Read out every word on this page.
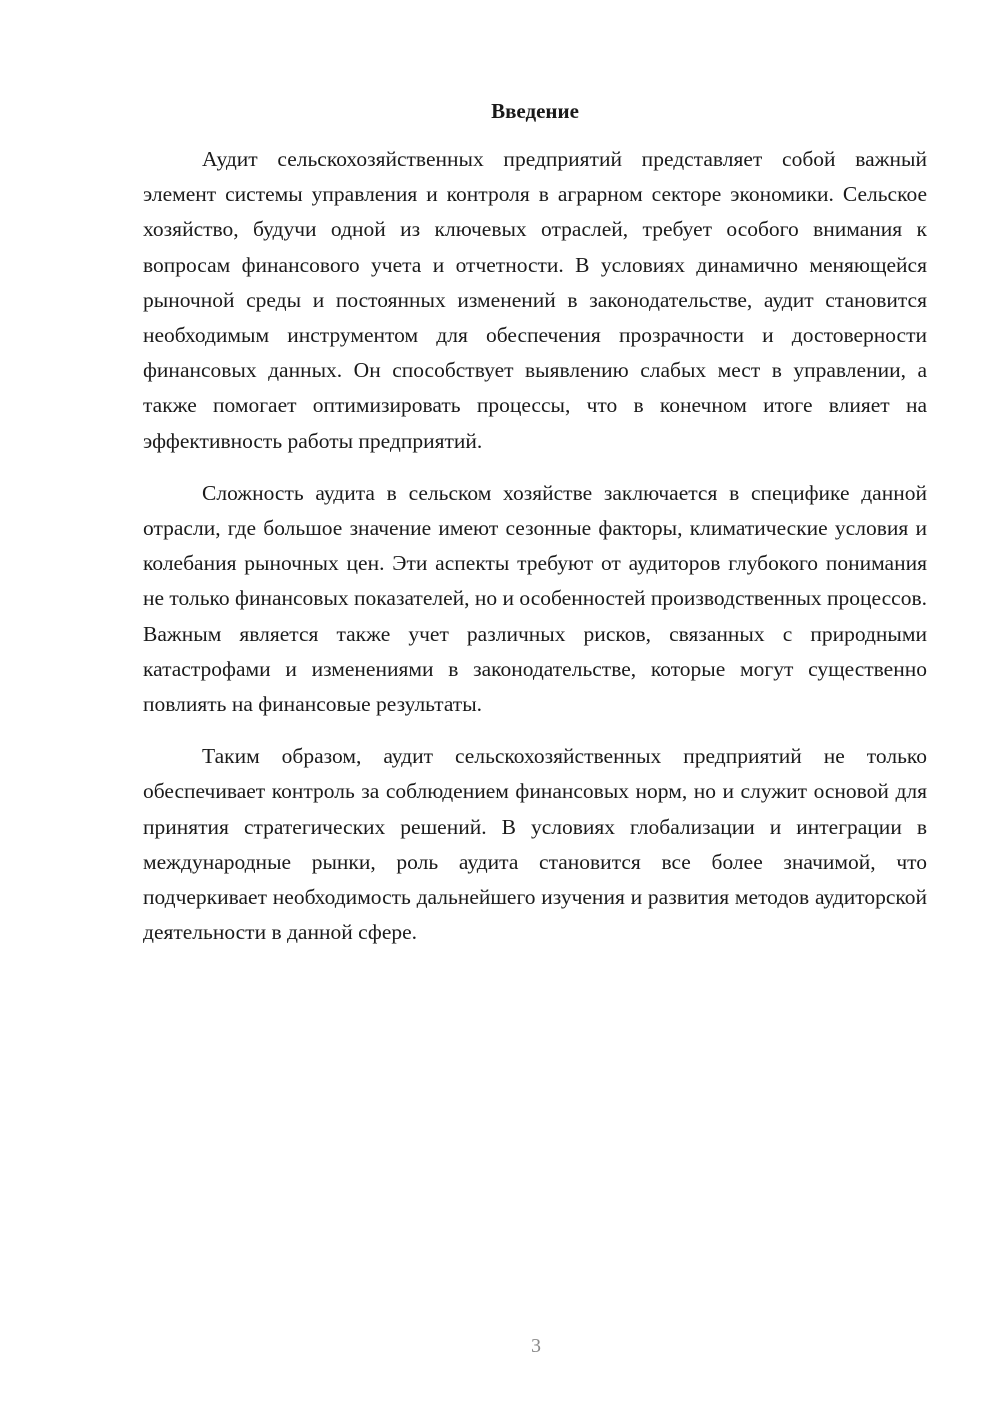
Введение

Аудит сельскохозяйственных предприятий представляет собой важный элемент системы управления и контроля в аграрном секторе экономики. Сельское хозяйство, будучи одной из ключевых отраслей, требует особого внимания к вопросам финансового учета и отчетности. В условиях динамично меняющейся рыночной среды и постоянных изменений в законодательстве, аудит становится необходимым инструментом для обеспечения прозрачности и достоверности финансовых данных. Он способствует выявлению слабых мест в управлении, а также помогает оптимизировать процессы, что в конечном итоге влияет на эффективность работы предприятий.

Сложность аудита в сельском хозяйстве заключается в специфике данной отрасли, где большое значение имеют сезонные факторы, климатические условия и колебания рыночных цен. Эти аспекты требуют от аудиторов глубокого понимания не только финансовых показателей, но и особенностей производственных процессов. Важным является также учет различных рисков, связанных с природными катастрофами и изменениями в законодательстве, которые могут существенно повлиять на финансовые результаты.

Таким образом, аудит сельскохозяйственных предприятий не только обеспечивает контроль за соблюдением финансовых норм, но и служит основой для принятия стратегических решений. В условиях глобализации и интеграции в международные рынки, роль аудита становится все более значимой, что подчеркивает необходимость дальнейшего изучения и развития методов аудиторской деятельности в данной сфере.

3
